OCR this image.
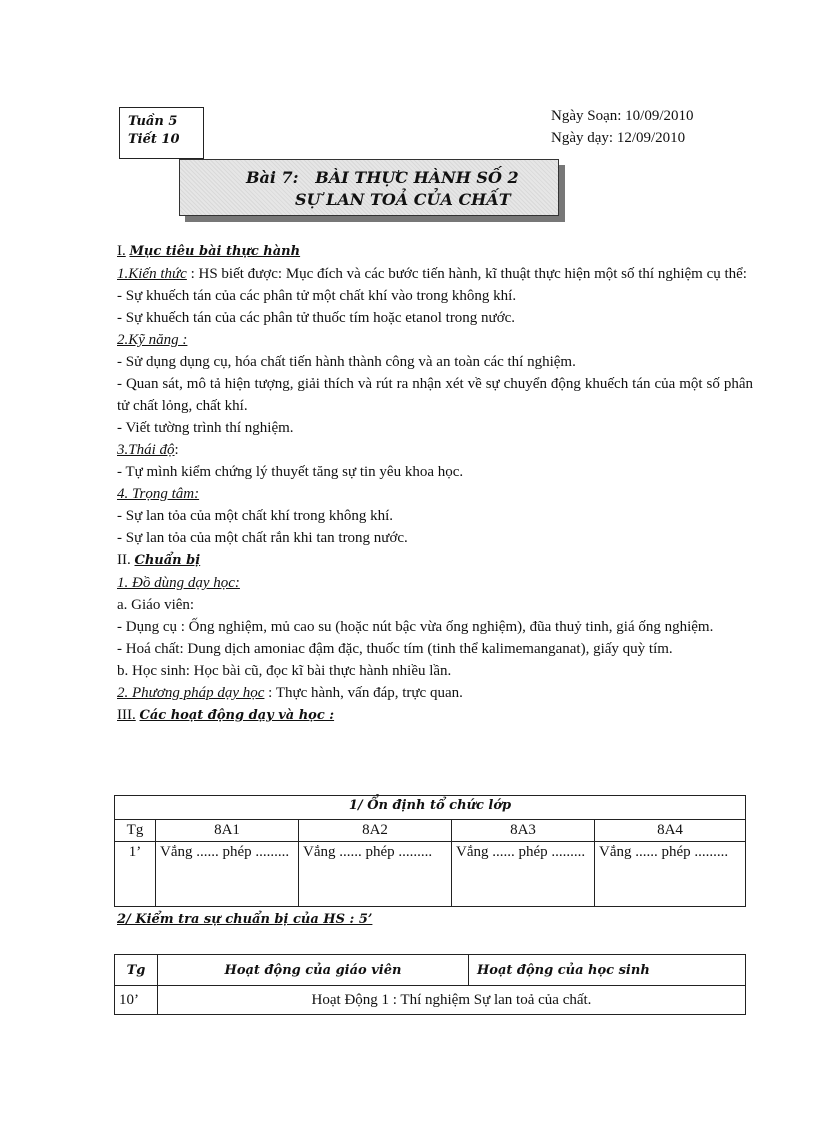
Tuần 5
Tiết 10
Ngày Soạn: 10/09/2010
Ngày dạy: 12/09/2010
Bài 7:   BÀI THỰC HÀNH SỐ 2
SỰ LAN TOẢ CỦA CHẤT

I. Mục tiêu bài thực hành

1.Kiến thức : HS biết được: Mục đích và các bước tiến hành, kĩ thuật thực hiện một số thí nghiệm cụ thể:

- Sự khuếch tán của các phân tử một chất khí vào trong không khí.

- Sự khuếch tán của các phân tử thuốc tím hoặc etanol trong nước.

2.Kỹ năng :

- Sử dụng dụng cụ, hóa chất tiến hành thành công và an toàn các thí nghiệm.

- Quan sát, mô tả hiện tượng, giải thích và rút ra nhận xét về sự chuyển động khuếch tán của một số phân tử chất lỏng, chất khí.

- Viết tường trình thí nghiệm.

3.Thái độ:

- Tự mình kiểm chứng lý thuyết tăng sự tin yêu khoa học.

4. Trọng tâm:

- Sự lan tỏa của một chất khí trong không khí.

- Sự lan tỏa của một chất rắn khi tan trong nước.

II. Chuẩn bị

1. Đồ dùng dạy học:

a. Giáo viên:

- Dụng cụ : Ống nghiệm, mủ cao su (hoặc nút bậc vừa ống nghiệm), đũa thuỷ tinh, giá ống nghiệm.

- Hoá chất: Dung dịch amoniac đậm đặc, thuốc tím (tinh thể kalimemanganat), giấy quỳ tím.

b. Học sinh: Học bài cũ, đọc kĩ bài thực hành nhiều lần.

2. Phương pháp dạy học : Thực hành, vấn đáp, trực quan.

III. Các hoạt động dạy và học :

1/ Ổn định tổ chức lớp				
Tg	8A1	8A2	8A3	8A4
1’	Vắng ...... phép .........	Vắng ...... phép .........	Vắng ...... phép .........	Vắng ...... phép .........
2/ Kiểm tra sự chuẩn bị của HS : 5’
Tg	Hoạt động của giáo viên	Hoạt động của học sinh
10’	Hoạt Động 1 : Thí nghiệm Sự lan toả của chất.	
